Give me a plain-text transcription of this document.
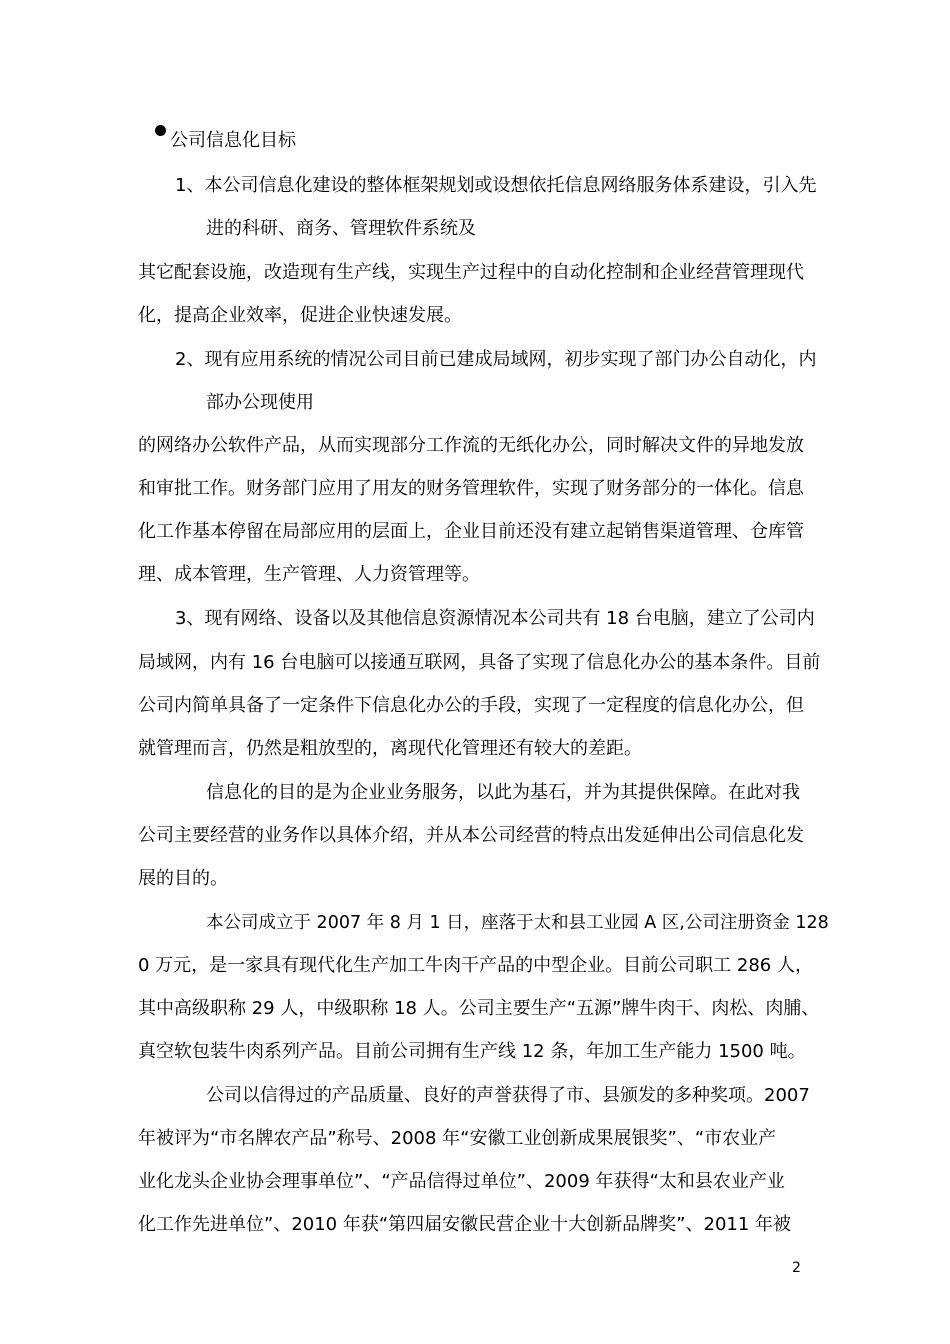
公司信息化目标
1、本公司信息化建设的整体框架规划或设想依托信息网络服务体系建设，引入先
进的科研、商务、管理软件系统及
其它配套设施，改造现有生产线，实现生产过程中的自动化控制和企业经营管理现代
化，提高企业效率，促进企业快速发展。
2、现有应用系统的情况公司目前已建成局域网，初步实现了部门办公自动化，内
部办公现使用
的网络办公软件产品，从而实现部分工作流的无纸化办公，同时解决文件的异地发放
和审批工作。财务部门应用了用友的财务管理软件，实现了财务部分的一体化。信息
化工作基本停留在局部应用的层面上，企业目前还没有建立起销售渠道管理、仓库管
理、成本管理，生产管理、人力资管理等。
3、现有网络、设备以及其他信息资源情况本公司共有 18 台电脑，建立了公司内
局域网，内有 16 台电脑可以接通互联网，具备了实现了信息化办公的基本条件。目前
公司内简单具备了一定条件下信息化办公的手段，实现了一定程度的信息化办公，但
就管理而言，仍然是粗放型的，离现代化管理还有较大的差距。
信息化的目的是为企业业务服务，以此为基石，并为其提供保障。在此对我
公司主要经营的业务作以具体介绍，并从本公司经营的特点出发延伸出公司信息化发
展的目的。
本公司成立于 2007 年 8 月 1 日，座落于太和县工业园 A 区,公司注册资金 128
0 万元，是一家具有现代化生产加工牛肉干产品的中型企业。目前公司职工 286 人，
其中高级职称 29 人，中级职称 18 人。公司主要生产“五源”牌牛肉干、肉松、肉脯、
真空软包装牛肉系列产品。目前公司拥有生产线 12 条，年加工生产能力 1500 吨。
公司以信得过的产品质量、良好的声誉获得了市、县颁发的多种奖项。2007
年被评为“市名牌农产品”称号、2008 年“安徽工业创新成果展银奖”、“市农业产
业化龙头企业协会理事单位”、“产品信得过单位”、2009 年获得“太和县农业产业
化工作先进单位”、2010 年获“第四届安徽民营企业十大创新品牌奖”、2011 年被
2
